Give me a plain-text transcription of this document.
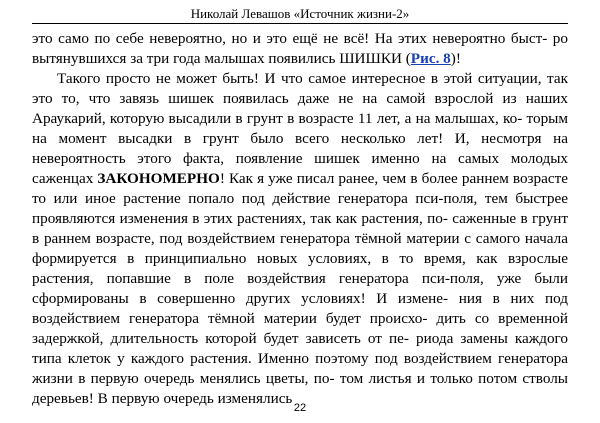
Николай Левашов «Источник жизни-2»

это само по себе невероятно, но и это ещё не всё! На этих невероятно быст- ро вытянувшихся за три года малышах появились ШИШКИ (Рис. 8)!

Такого просто не может быть! И что самое интересное в этой ситуации, так это то, что завязь шишек появилась даже не на самой взрослой из наших Араукарий, которую высадили в грунт в возрасте 11 лет, а на малышах, ко- торым на момент высадки в грунт было всего несколько лет! И, несмотря на невероятность этого факта, появление шишек именно на самых молодых саженцах ЗАКОНОМЕРНО! Как я уже писал ранее, чем в более раннем возрасте то или иное растение попало под действие генератора пси-поля, тем быстрее проявляются изменения в этих растениях, так как растения, по- саженные в грунт в раннем возрасте, под воздействием генератора тёмной материи с самого начала формируется в принципиально новых условиях, в то время, как взрослые растения, попавшие в поле воздействия генератора пси-поля, уже были сформированы в совершенно других условиях! И измене- ния в них под воздействием генератора тёмной материи будет происхо- дить со временной задержкой, длительность которой будет зависеть от пе- риода замены каждого типа клеток у каждого растения. Именно поэтому под воздействием генератора жизни в первую очередь менялись цветы, по- том листья и только потом стволы деревьев! В первую очередь изменялись

22
